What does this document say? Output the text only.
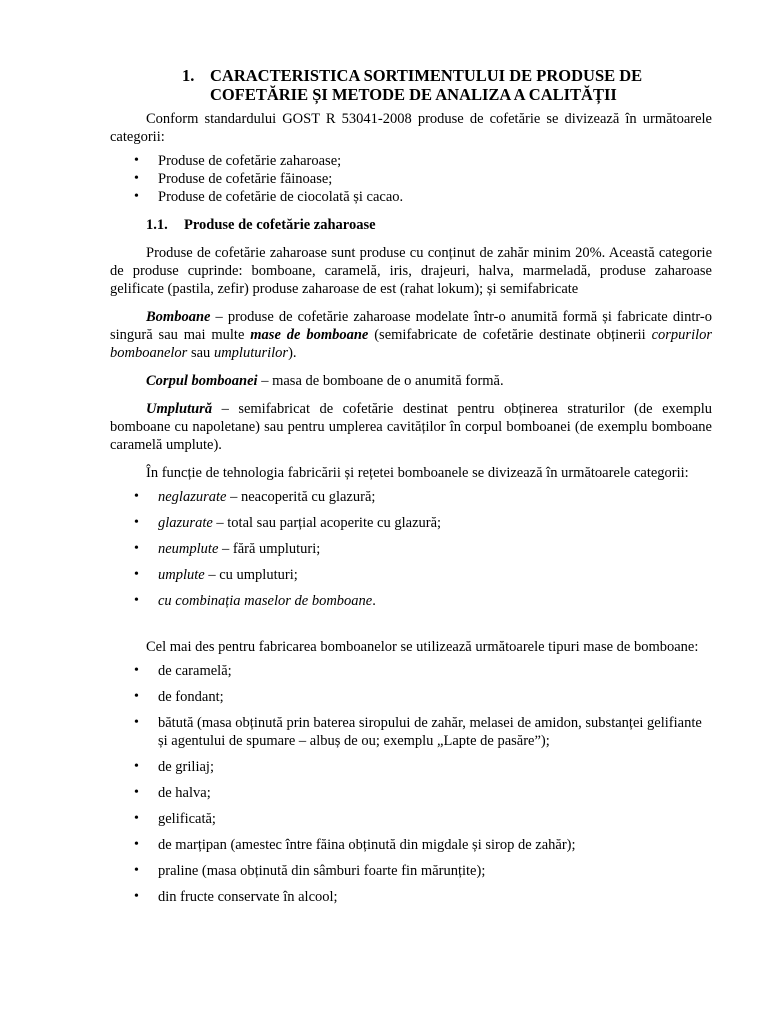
1. CARACTERISTICA SORTIMENTULUI DE PRODUSE DE
COFETĂRIE ȘI METODE DE ANALIZA A CALITĂȚII

Conform standardului GOST R 53041-2008 produse de cofetărie se divizează în următoarele categorii:

• Produse de cofetărie zaharoase;
• Produse de cofetărie făinoase;
• Produse de cofetărie de ciocolată și cacao.
1.1. Produse de cofetărie zaharoase

Produse de cofetărie zaharoase sunt produse cu conținut de zahăr minim 20%. Această categorie de produse cuprinde: bomboane, caramelă, iris, drajeuri, halva, marmeladă, produse zaharoase gelificate (pastila, zefir) produse zaharoase de est (rahat lokum); și semifabricate

Bomboane – produse de cofetărie zaharoase modelate într-o anumită formă și fabricate dintr-o singură sau mai multe mase de bomboane (semifabricate de cofetărie destinate obținerii corpurilor bomboanelor sau umpluturilor).

Corpul bomboanei – masa de bomboane de o anumită formă.

Umplutură – semifabricat de cofetărie destinat pentru obținerea straturilor (de exemplu bomboane cu napoletane) sau pentru umplerea cavităților în corpul bomboanei (de exemplu bomboane caramelă umplute).

În funcție de tehnologia fabricării și rețetei bomboanele se divizează în următoarele categorii:

• neglazurate – neacoperită cu glazură;
• glazurate – total sau parțial acoperite cu glazură;
• neumplute – fără umpluturi;
• umplute – cu umpluturi;
• cu combinația maselor de bomboane.

Cel mai des pentru fabricarea bomboanelor se utilizează următoarele tipuri mase de bomboane:

• de caramelă;
• de fondant;
• bătută (masa obținută prin baterea siropului de zahăr, melasei de amidon, substanței gelifiante și agentului de spumare – albuș de ou; exemplu „Lapte de pasăre”);
• de griliaj;
• de halva;
• gelificată;
• de marțipan (amestec între făina obținută din migdale și sirop de zahăr);
• praline (masa obținută din sâmburi foarte fin mărunțite);
• din fructe conservate în alcool;
